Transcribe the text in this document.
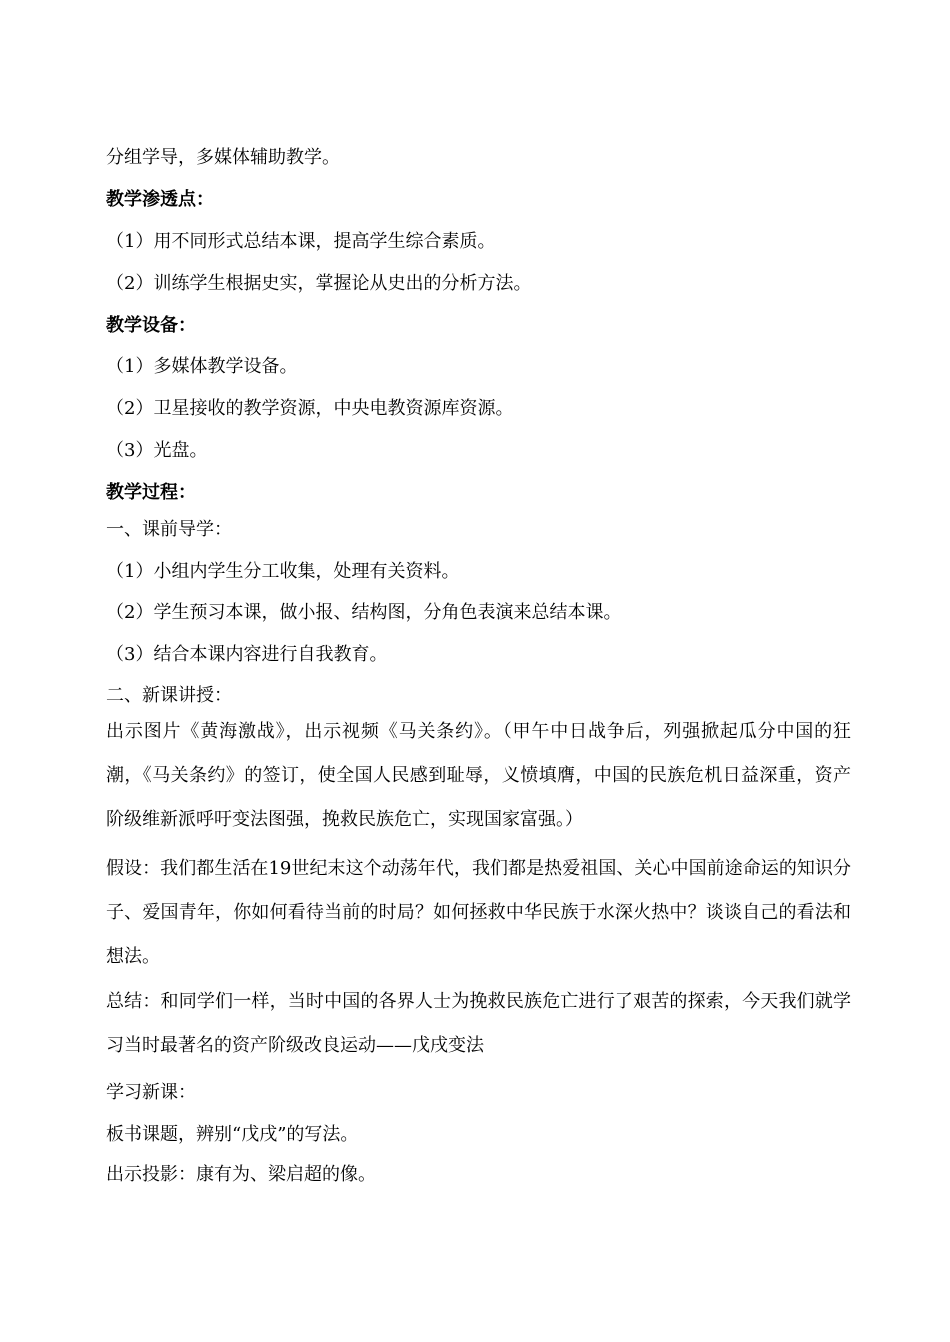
分组学导，多媒体辅助教学。
教学渗透点：
（1）用不同形式总结本课，提高学生综合素质。
（2）训练学生根据史实，掌握论从史出的分析方法。
教学设备：
（1）多媒体教学设备。
（2）卫星接收的教学资源，中央电教资源库资源。
（3）光盘。
教学过程：
一、课前导学：
（1）小组内学生分工收集，处理有关资料。
（2）学生预习本课，做小报、结构图，分角色表演来总结本课。
（3）结合本课内容进行自我教育。
二、新课讲授：
出示图片《黄海激战》，出示视频《马关条约》。（甲午中日战争后，列强掀起瓜分中国的狂潮，《马关条约》的签订，使全国人民感到耻辱，义愤填膺，中国的民族危机日益深重，资产阶级维新派呼吁变法图强，挽救民族危亡，实现国家富强。）
假设：我们都生活在19世纪末这个动荡年代，我们都是热爱祖国、关心中国前途命运的知识分子、爱国青年，你如何看待当前的时局？如何拯救中华民族于水深火热中？谈谈自己的看法和想法。
总结：和同学们一样，当时中国的各界人士为挽救民族危亡进行了艰苦的探索，今天我们就学习当时最著名的资产阶级改良运动——戊戌变法
学习新课：
板书课题，辨别“戊戌”的写法。
出示投影：康有为、梁启超的像。
